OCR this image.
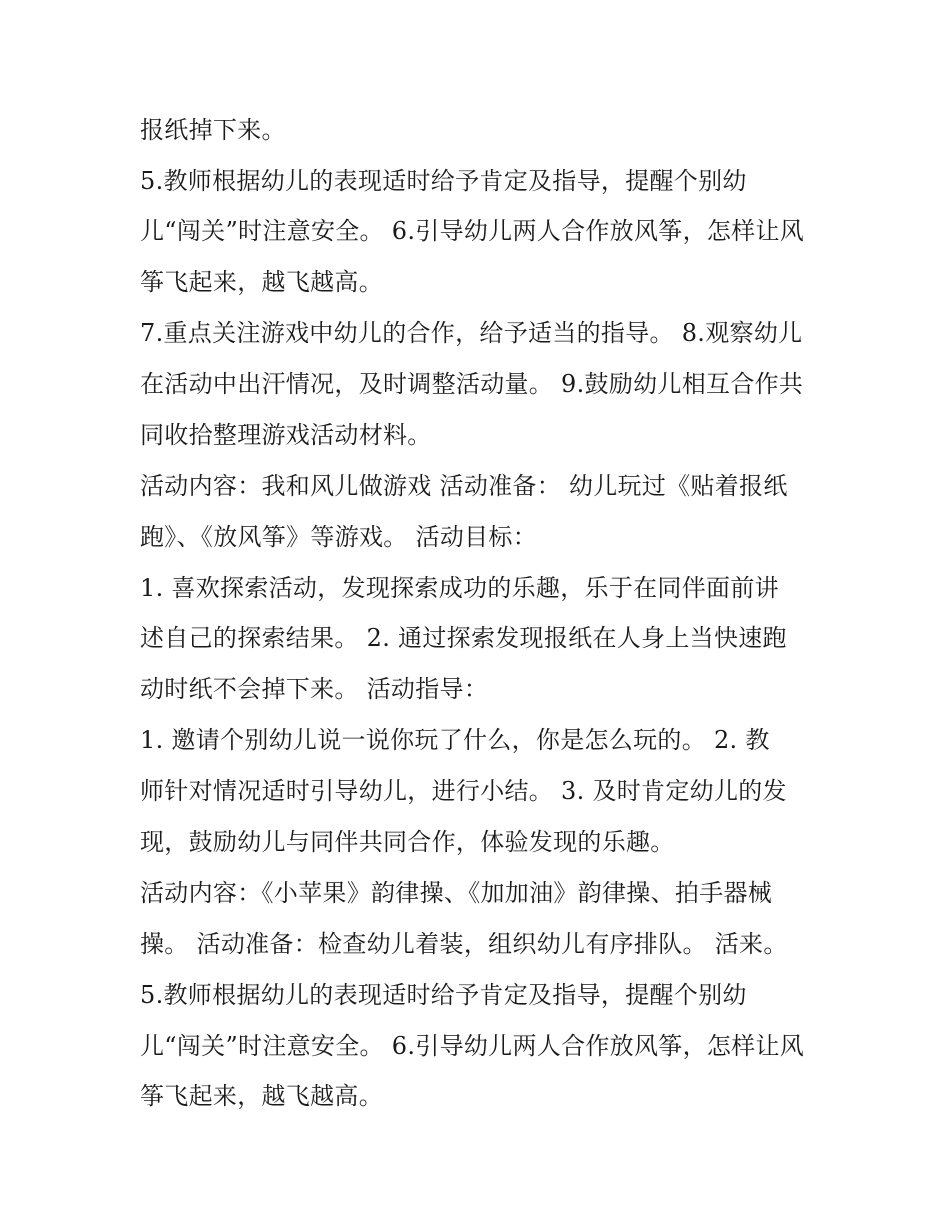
报纸掉下来。
5.教师根据幼儿的表现适时给予肯定及指导，提醒个别幼
儿“闯关”时注意安全。 6.引导幼儿两人合作放风筝，怎样让风
筝飞起来，越飞越高。
7.重点关注游戏中幼儿的合作，给予适当的指导。 8.观察幼儿
在活动中出汗情况，及时调整活动量。 9.鼓励幼儿相互合作共
同收拾整理游戏活动材料。
活动内容：我和风儿做游戏 活动准备： 幼儿玩过《贴着报纸
跑》、《放风筝》等游戏。 活动目标：
1. 喜欢探索活动，发现探索成功的乐趣，乐于在同伴面前讲
述自己的探索结果。 2. 通过探索发现报纸在人身上当快速跑
动时纸不会掉下来。 活动指导：
1. 邀请个别幼儿说一说你玩了什么，你是怎么玩的。 2. 教
师针对情况适时引导幼儿，进行小结。 3. 及时肯定幼儿的发
现，鼓励幼儿与同伴共同合作，体验发现的乐趣。
活动内容：《小苹果》韵律操、《加加油》韵律操、拍手器械
操。 活动准备：检查幼儿着装，组织幼儿有序排队。 活来。
5.教师根据幼儿的表现适时给予肯定及指导，提醒个别幼
儿“闯关”时注意安全。 6.引导幼儿两人合作放风筝，怎样让风
筝飞起来，越飞越高。
